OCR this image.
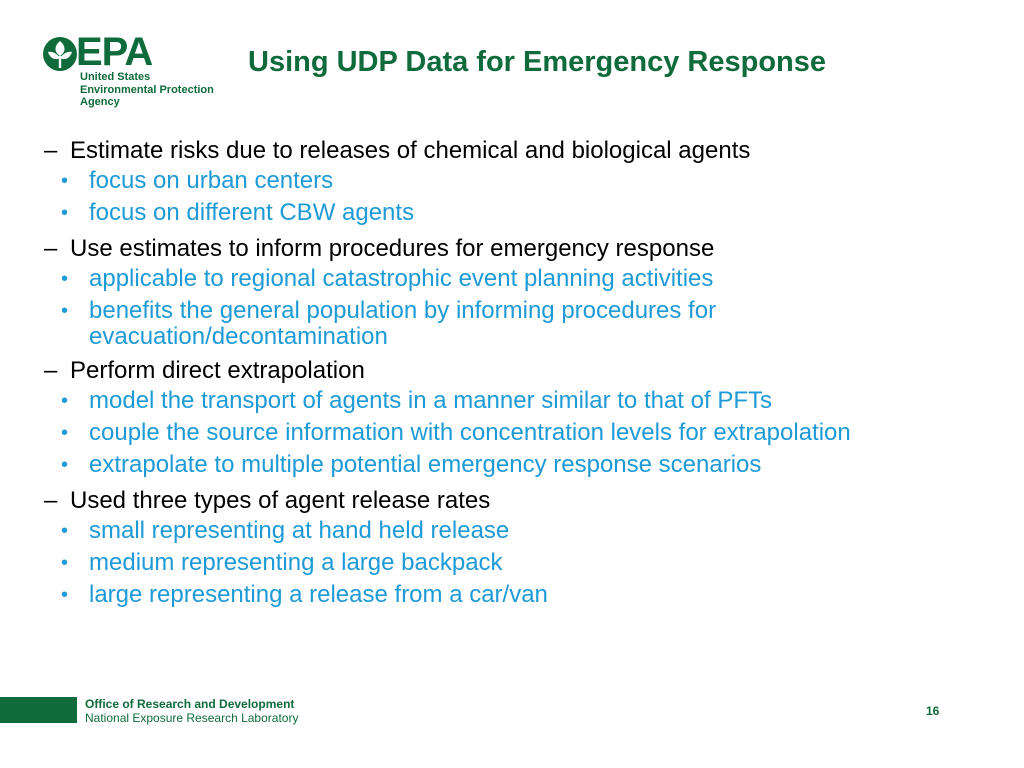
EPA
United States
Environmental Protection
Agency
Using UDP Data for Emergency Response
– Estimate risks due to releases of chemical and biological agents
• focus on urban centers
• focus on different CBW agents
– Use estimates to inform procedures for emergency response
• applicable to regional catastrophic event planning activities
• benefits the general population by informing procedures for evacuation/decontamination
– Perform direct extrapolation
• model the transport of agents in a manner similar to that of PFTs
• couple the source information with concentration levels for extrapolation
• extrapolate to multiple potential emergency response scenarios
– Used three types of agent release rates
• small representing at hand held release
• medium representing a large backpack
• large representing a release from a car/van
Office of Research and Development
National Exposure Research Laboratory	16
